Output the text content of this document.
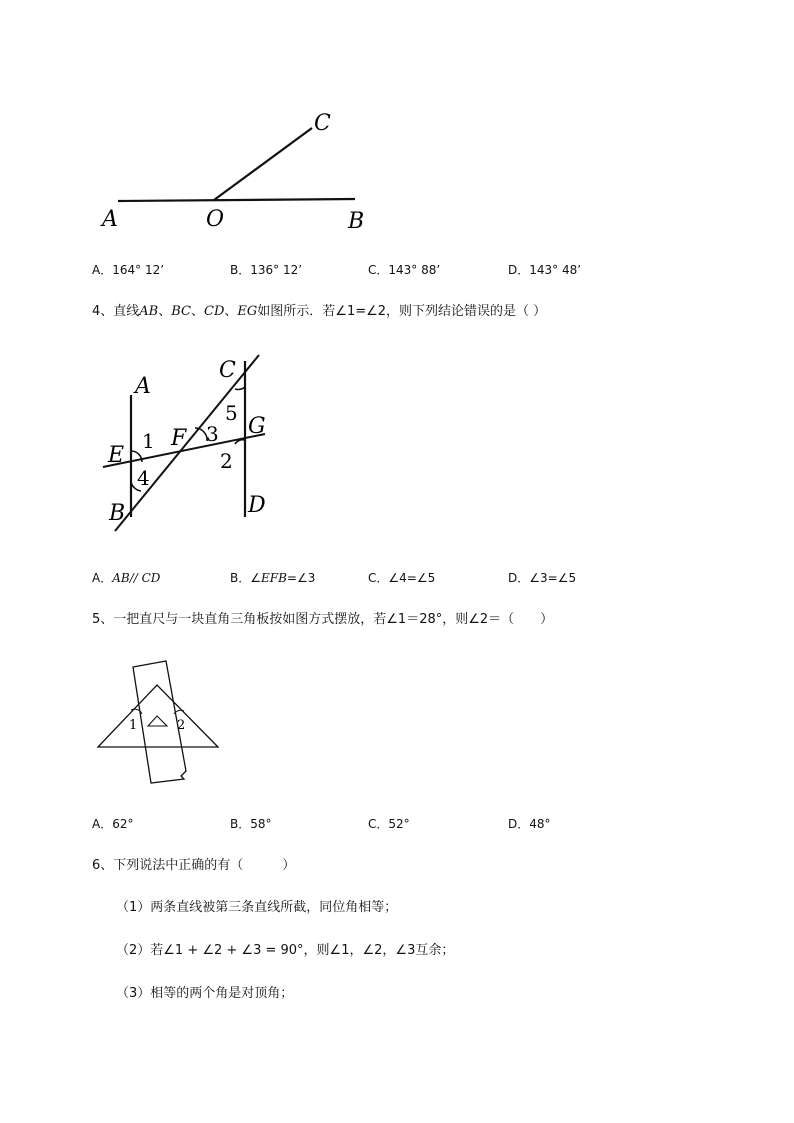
A	O	B
C
A．164° 12’	B．136° 12’	C．143° 88’	D．143° 48’
4、直线AB、BC、CD、EG如图所示．若∠1=∠2，则下列结论错误的是（ ）
A
B
C
D
E
F	G
1
2
3
4
5
A．AB// CD	B．∠EFB=∠3	C．∠4=∠5	D．∠3=∠5
5、一把直尺与一块直角三角板按如图方式摆放，若∠1＝28°，则∠2＝（　　）
1	2
A．62°	B．58°	C．52°	D．48°
6、下列说法中正确的有（　　　）
（1）两条直线被第三条直线所截，同位角相等；
（2）若∠1 + ∠2 + ∠3 = 90°，则∠1，∠2，∠3互余；
（3）相等的两个角是对顶角；
